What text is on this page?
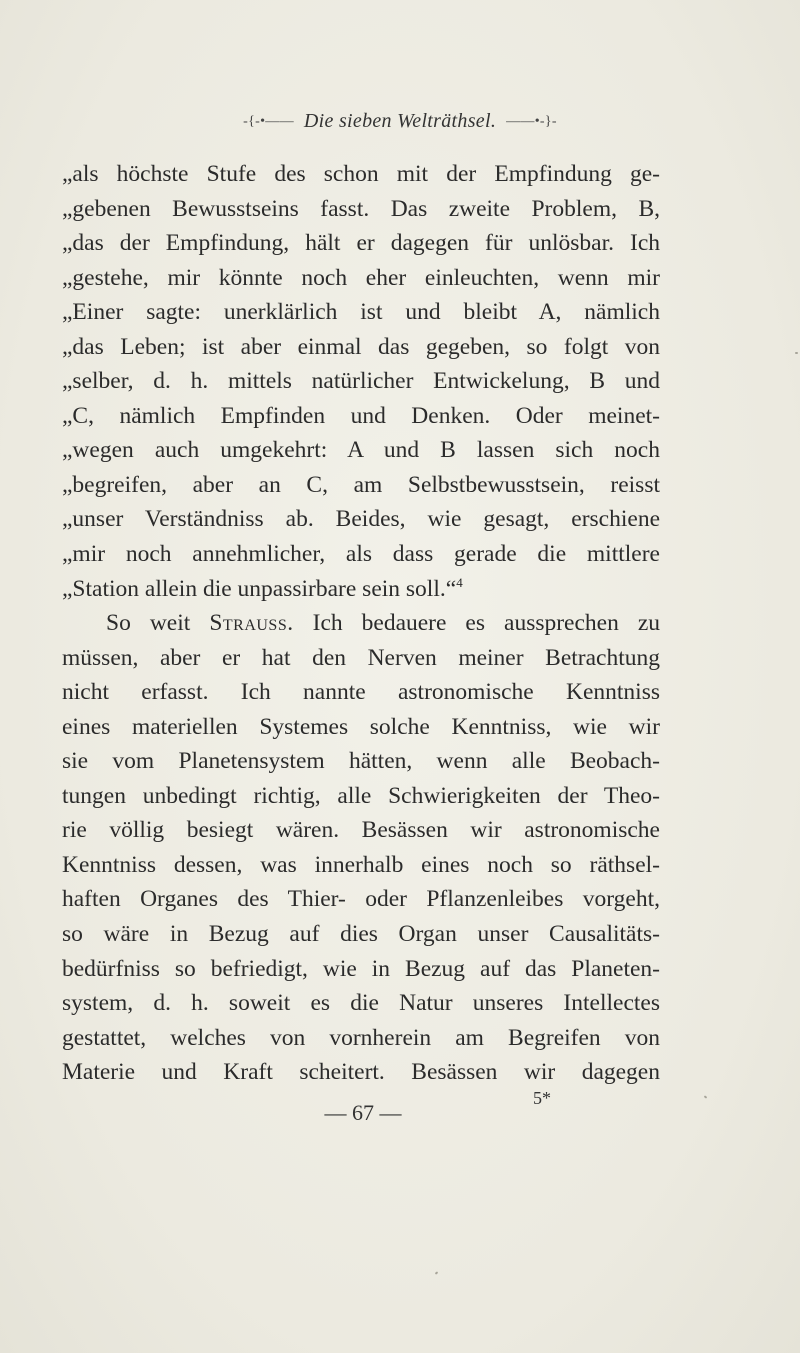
-{-•—— Die sieben Welträthsel. ——•-}-
„als höchste Stufe des schon mit der Empfindung ge-
„gebenen Bewusstseins fasst. Das zweite Problem, B,
„das der Empfindung, hält er dagegen für unlösbar. Ich
„gestehe, mir könnte noch eher einleuchten, wenn mir
„Einer sagte: unerklärlich ist und bleibt A, nämlich
„das Leben; ist aber einmal das gegeben, so folgt von
„selber, d. h. mittels natürlicher Entwickelung, B und
„C, nämlich Empfinden und Denken. Oder meinet-
„wegen auch umgekehrt: A und B lassen sich noch
„begreifen, aber an C, am Selbstbewusstsein, reisst
„unser Verständniss ab. Beides, wie gesagt, erschiene
„mir noch annehmlicher, als dass gerade die mittlere
„Station allein die unpassirbare sein soll.“$^4$
So weit Strauss. Ich bedauere es aussprechen zu
müssen, aber er hat den Nerven meiner Betrachtung
nicht erfasst. Ich nannte astronomische Kenntniss
eines materiellen Systemes solche Kenntniss, wie wir
sie vom Planetensystem hätten, wenn alle Beobach-
tungen unbedingt richtig, alle Schwierigkeiten der Theo-
rie völlig besiegt wären. Besässen wir astronomische
Kenntniss dessen, was innerhalb eines noch so räthsel-
haften Organes des Thier- oder Pflanzenleibes vorgeht,
so wäre in Bezug auf dies Organ unser Causalitäts-
bedürfniss so befriedigt, wie in Bezug auf das Planeten-
system, d. h. soweit es die Natur unseres Intellectes
gestattet, welches von vornherein am Begreifen von
Materie und Kraft scheitert. Besässen wir dagegen
— 67 —
5*
